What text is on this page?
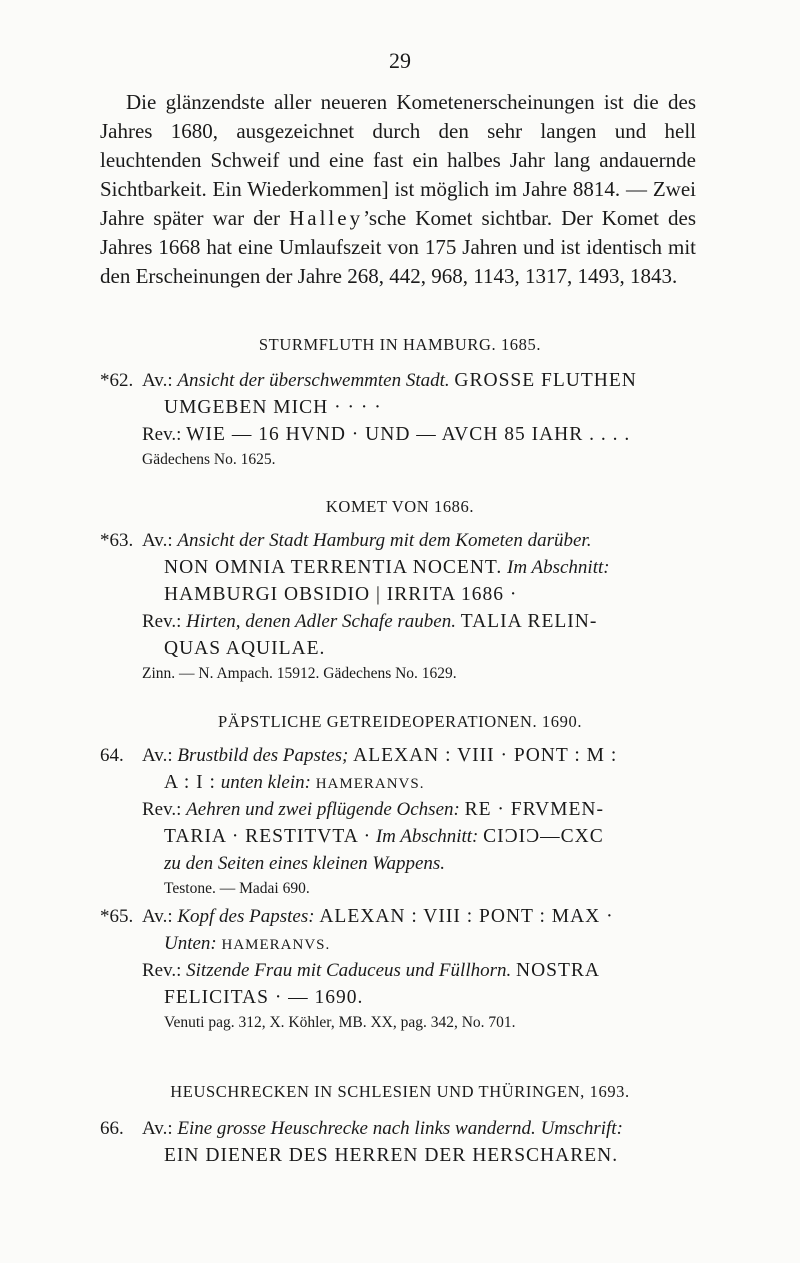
29

Die glänzendste aller neueren Kometenerscheinungen ist die des Jahres 1680, ausgezeichnet durch den sehr langen und hell leuchtenden Schweif und eine fast ein halbes Jahr lang andauernde Sichtbarkeit. Ein Wiederkommen] ist möglich im Jahre 8814. — Zwei Jahre später war der Halley’sche Komet sichtbar. Der Komet des Jahres 1668 hat eine Umlaufszeit von 175 Jahren und ist identisch mit den Erscheinungen der Jahre 268, 442, 968, 1143, 1317, 1493, 1843.

STURMFLUTH IN HAMBURG. 1685.
*62. Av.: Ansicht der überschwemmten Stadt. GROSSE FLUTHEN
UMGEBEN MICH · · · ·
Rev.: WIE — 16 HVND · UND — AVCH 85 IAHR . . . .
Gädechens No. 1625.
KOMET VON 1686.
*63. Av.: Ansicht der Stadt Hamburg mit dem Kometen darüber.
NON OMNIA TERRENTIA NOCENT. Im Abschnitt:
HAMBURGI OBSIDIO | IRRITA 1686 ·
Rev.: Hirten, denen Adler Schafe rauben. TALIA RELIN-
QUAS AQUILAE.
Zinn. — N. Ampach. 15912. Gädechens No. 1629.
PÄPSTLICHE GETREIDEOPERATIONEN. 1690.
64. Av.: Brustbild des Papstes; ALEXAN : VIII · PONT : M :
A : I : unten klein: HAMERANVS.
Rev.: Aehren und zwei pflügende Ochsen: RE · FRVMEN-
TARIA · RESTITVTA · Im Abschnitt: CIƆIƆ—CXC
zu den Seiten eines kleinen Wappens.
Testone. — Madai 690.
*65. Av.: Kopf des Papstes: ALEXAN : VIII : PONT : MAX ·
Unten: HAMERANVS.
Rev.: Sitzende Frau mit Caduceus und Füllhorn. NOSTRA
FELICITAS · — 1690.
Venuti pag. 312, X. Köhler, MB. XX, pag. 342, No. 701.
HEUSCHRECKEN IN SCHLESIEN UND THÜRINGEN, 1693.
66. Av.: Eine grosse Heuschrecke nach links wandernd. Umschrift:
EIN DIENER DES HERREN DER HERSCHAREN.
